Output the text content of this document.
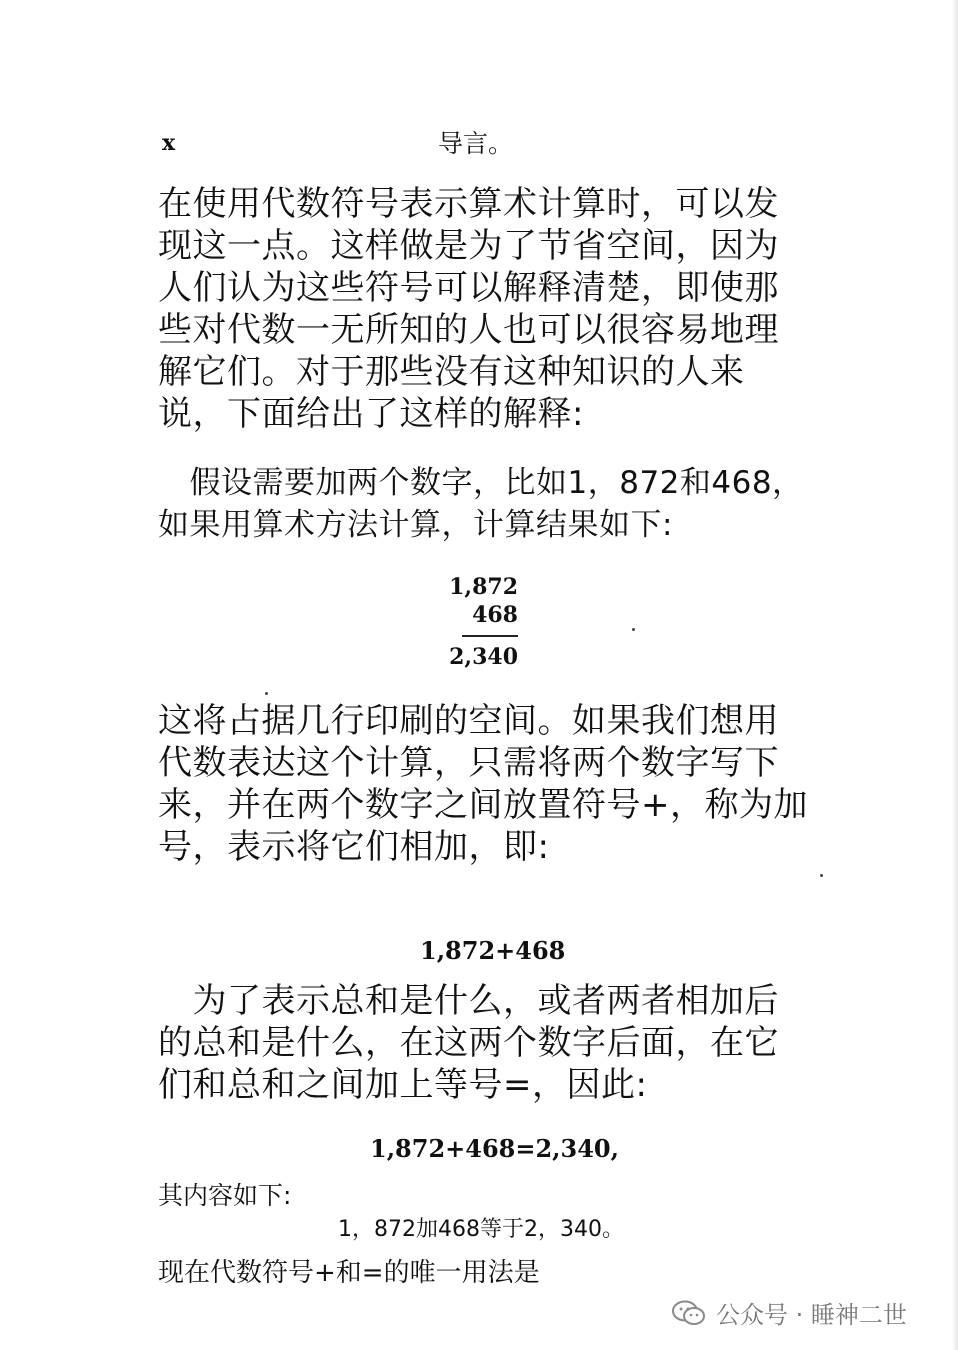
x	导言。

在使用代数符号表示算术计算时，可以发现这一点。这样做是为了节省空间，因为人们认为这些符号可以解释清楚，即使那些对代数一无所知的人也可以很容易地理解它们。对于那些没有这种知识的人来说，下面给出了这样的解释:

　假设需要加两个数字，比如1，872和468，如果用算术方法计算，计算结果如下:

1,872
468
2,340

这将占据几行印刷的空间。如果我们想用代数表达这个计算，只需将两个数字写下来，并在两个数字之间放置符号+，称为加号，表示将它们相加，即:

1,872+468

　为了表示总和是什么，或者两者相加后的总和是什么，在这两个数字后面，在它们和总和之间加上等号=，因此:

1,872+468=2,340,
其内容如下:
1，872加468等于2，340。
现在代数符号+和=的唯一用法是
公众号 · 睡神二世
